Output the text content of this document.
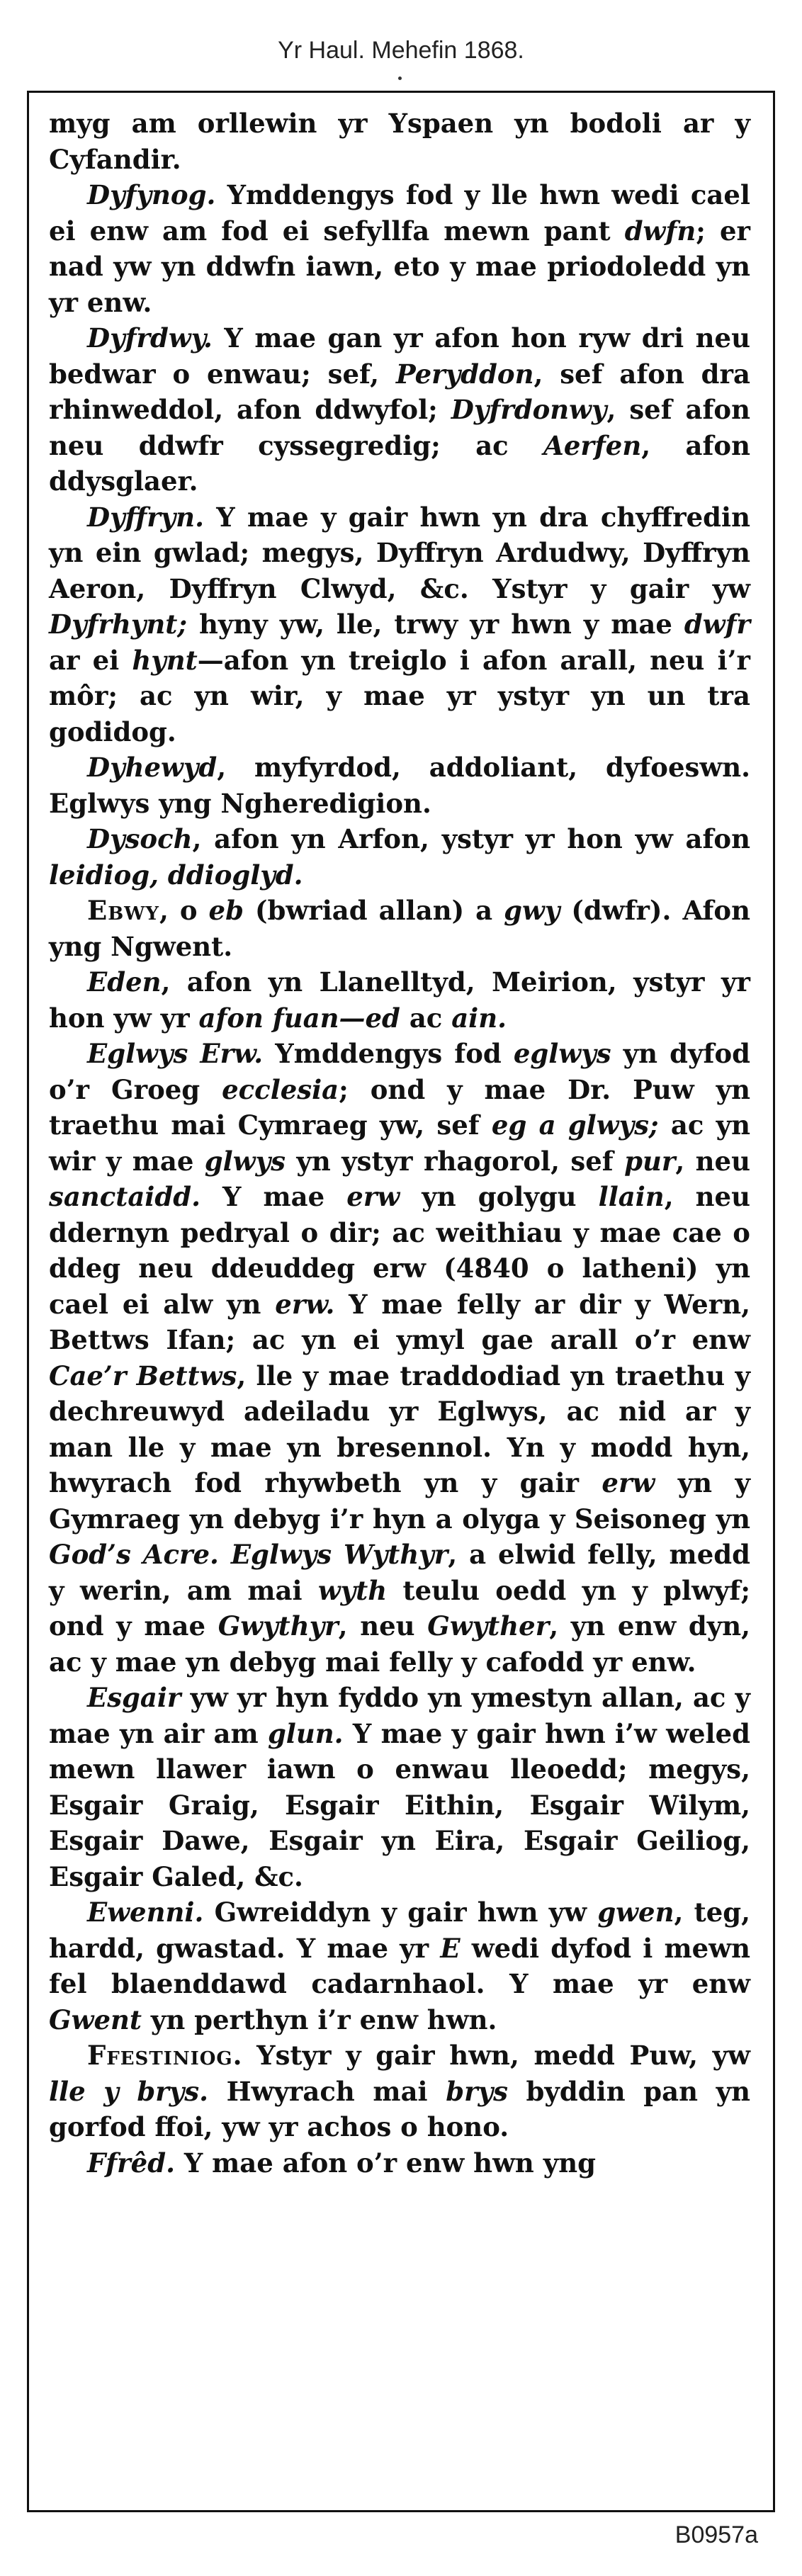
Yr Haul. Mehefin 1868.

myg am orllewin yr Yspaen yn bodoli ar y Cyfandir.

Dyfynog. Ymddengys fod y lle hwn wedi cael ei enw am fod ei sefyllfa mewn pant dwfn; er nad yw yn ddwfn iawn, eto y mae priodoledd yn yr enw.

Dyfrdwy. Y mae gan yr afon hon ryw dri neu bedwar o enwau; sef, Peryddon, sef afon dra rhinweddol, afon ddwyfol; Dyfrdonwy, sef afon neu ddwfr cyssegredig; ac Aerfen, afon ddysglaer.

Dyffryn. Y mae y gair hwn yn dra chyffredin yn ein gwlad; megys, Dyffryn Ardudwy, Dyffryn Aeron, Dyffryn Clwyd, &c. Ystyr y gair yw Dyfrhynt; hyny yw, lle, trwy yr hwn y mae dwfr ar ei hynt—afon yn treiglo i afon arall, neu i’r môr; ac yn wir, y mae yr ystyr yn un tra godidog.

Dyhewyd, myfyrdod, addoliant, dyfoeswn. Eglwys yng Ngheredigion.

Dysoch, afon yn Arfon, ystyr yr hon yw afon leidiog, ddioglyd.

Ebwy, o eb (bwriad allan) a gwy (dwfr). Afon yng Ngwent.

Eden, afon yn Llanelltyd, Meirion, ystyr yr hon yw yr afon fuan—ed ac ain.

Eglwys Erw. Ymddengys fod eglwys yn dyfod o’r Groeg ecclesia; ond y mae Dr. Puw yn traethu mai Cymraeg yw, sef eg a glwys; ac yn wir y mae glwys yn ystyr rhagorol, sef pur, neu sanctaidd. Y mae erw yn golygu llain, neu ddernyn pedryal o dir; ac weithiau y mae cae o ddeg neu ddeuddeg erw (4840 o latheni) yn cael ei alw yn erw. Y mae felly ar dir y Wern, Bettws Ifan; ac yn ei ymyl gae arall o’r enw Cae’r Bettws, lle y mae traddodiad yn traethu y dechreuwyd adeiladu yr Eglwys, ac nid ar y man lle y mae yn bresennol. Yn y modd hyn, hwyrach fod rhywbeth yn y gair erw yn y Gymraeg yn debyg i’r hyn a olyga y Seisoneg yn God’s Acre. Eglwys Wythyr, a elwid felly, medd y werin, am mai wyth teulu oedd yn y plwyf; ond y mae Gwythyr, neu Gwyther, yn enw dyn, ac y mae yn debyg mai felly y cafodd yr enw.

Esgair yw yr hyn fyddo yn ymestyn allan, ac y mae yn air am glun. Y mae y gair hwn i’w weled mewn llawer iawn o enwau lleoedd; megys, Esgair Graig, Esgair Eithin, Esgair Wilym, Esgair Dawe, Esgair yn Eira, Esgair Geiliog, Esgair Galed, &c.

Ewenni. Gwreiddyn y gair hwn yw gwen, teg, hardd, gwastad. Y mae yr E wedi dyfod i mewn fel blaenddawd cadarnhaol. Y mae yr enw Gwent yn perthyn i’r enw hwn.

Ffestiniog. Ystyr y gair hwn, medd Puw, yw lle y brys. Hwyrach mai brys byddin pan yn gorfod ffoi, yw yr achos o hono.

Ffrêd. Y mae afon o’r enw hwn yng

B0957a
